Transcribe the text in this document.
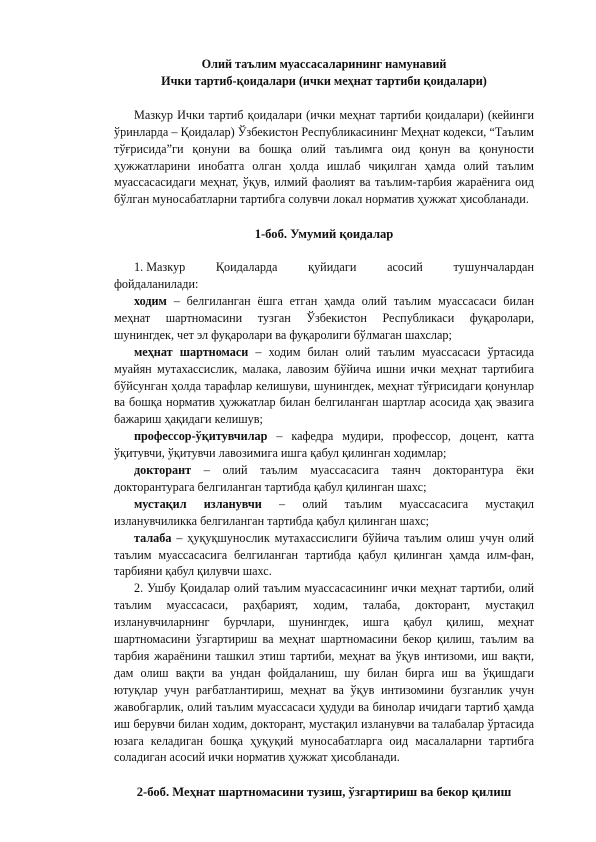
Олий таълим муассасаларининг намунавий

Ички тартиб-қоидалари (ички меҳнат тартиби қоидалари)

Мазкур Ички тартиб қоидалари (ички меҳнат тартиби қоидалари) (кейинги ўринларда – Қоидалар) Ўзбекистон Республикасининг Меҳнат кодекси, “Таълим тўғрисида”ги қонуни ва бошқа олий таълимга оид қонун ва қонуности ҳужжатларини инобатга олган ҳолда ишлаб чиқилган ҳамда олий таълим муассасасидаги меҳнат, ўқув, илмий фаолият ва таълим-тарбия жараёнига оид бўлган муносабатларни тартибга солувчи локал норматив ҳужжат ҳисобланади.

1-боб. Умумий қоидалар
1. Мазкур	Қоидаларда	қуйидаги	асосий	тушунчалардан

фойдаланилади:

ходим – белгиланган ёшга етган ҳамда олий таълим муассасаси билан меҳнат шартномасини тузган Ўзбекистон Республикаси фуқаролари, шунингдек, чет эл фуқаролари ва фуқаролиги бўлмаган шахслар;

меҳнат шартномаси – ходим билан олий таълим муассасаси ўртасида муайян мутахассислик, малака, лавозим бўйича ишни ички меҳнат тартибига бўйсунган ҳолда тарафлар келишуви, шунингдек, меҳнат тўғрисидаги қонунлар ва бошқа норматив ҳужжатлар билан белгиланган шартлар асосида ҳақ эвазига бажариш ҳақидаги келишув;

профессор-ўқитувчилар – кафедра мудири, профессор, доцент, катта ўқитувчи, ўқитувчи лавозимига ишга қабул қилинган ходимлар;

докторант – олий таълим муассасасига таянч докторантура ёки докторантурага белгиланган тартибда қабул қилинган шахс;

мустақил изланувчи – олий таълим муассасасига мустақил изланувчиликка белгиланган тартибда қабул қилинган шахс;

талаба – ҳуқуқшунослик мутахассислиги бўйича таълим олиш учун олий таълим муассасасига белгиланган тартибда қабул қилинган ҳамда илм-фан, тарбияни қабул қилувчи шахс.

2. Ушбу Қоидалар олий таълим муассасасининг ички меҳнат тартиби, олий таълим муассасаси, раҳбарият, ходим, талаба, докторант, мустақил изланувчиларнинг бурчлари, шунингдек, ишга қабул қилиш, меҳнат шартномасини ўзгартириш ва меҳнат шартномасини бекор қилиш, таълим ва тарбия жараёнини ташкил этиш тартиби, меҳнат ва ўқув интизоми, иш вақти, дам олиш вақти ва ундан фойдаланиш, шу билан бирга иш ва ўқишдаги ютуқлар учун рағбатлантириш, меҳнат ва ўқув интизомини бузганлик учун жавобгарлик, олий таълим муассасаси ҳудуди ва бинолар ичидаги тартиб ҳамда иш берувчи билан ходим, докторант, мустақил изланувчи ва талабалар ўртасида юзага келадиган бошқа ҳуқуқий муносабатларга оид масалаларни тартибга соладиган асосий ички норматив ҳужжат ҳисобланади.

2-боб. Меҳнат шартномасини тузиш, ўзгартириш ва бекор қилиш
